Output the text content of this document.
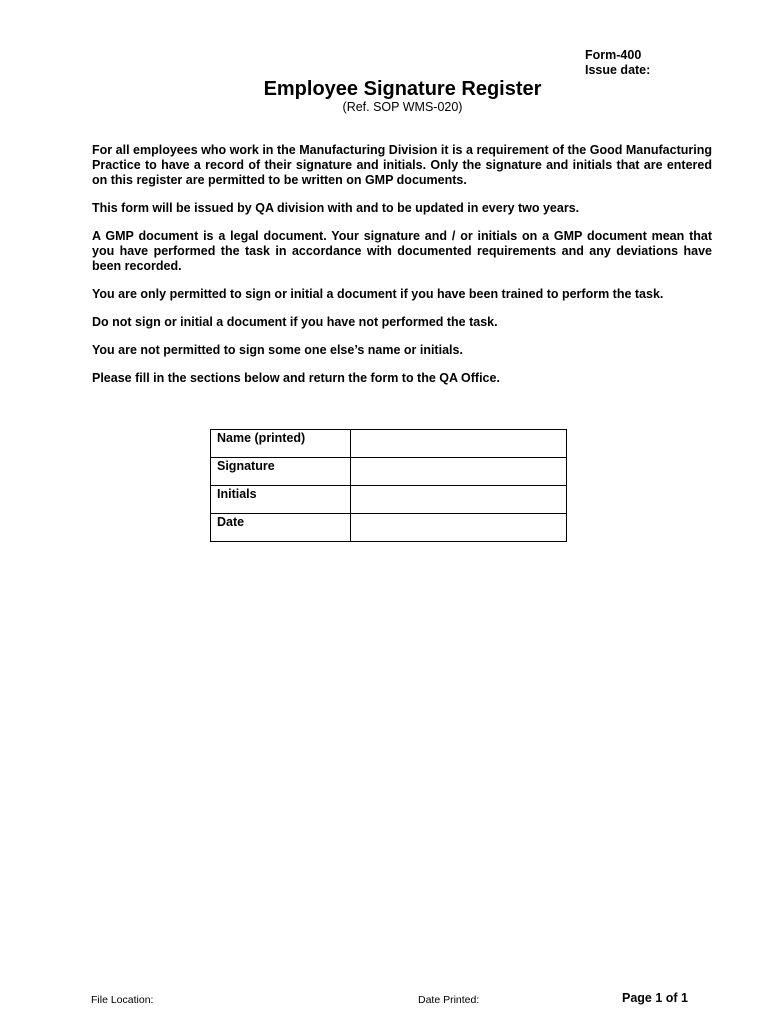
Form-400
Issue date:
Employee Signature Register
(Ref. SOP WMS-020)

For all employees who work in the Manufacturing Division it is a requirement of the Good Manufacturing Practice to have a record of their signature and initials. Only the signature and initials that are entered on this register are permitted to be written on GMP documents.

This form will be issued by QA division with and to be updated in every two years.

A GMP document is a legal document. Your signature and / or initials on a GMP document mean that you have performed the task in accordance with documented requirements and any deviations have been recorded.

You are only permitted to sign or initial a document if you have been trained to perform the task.

Do not sign or initial a document if you have not performed the task.

You are not permitted to sign some one else’s name or initials.

Please fill in the sections below and return the form to the QA Office.

Name (printed)	
Signature	
Initials	
Date	
File Location:	Date Printed:	Page 1 of 1
